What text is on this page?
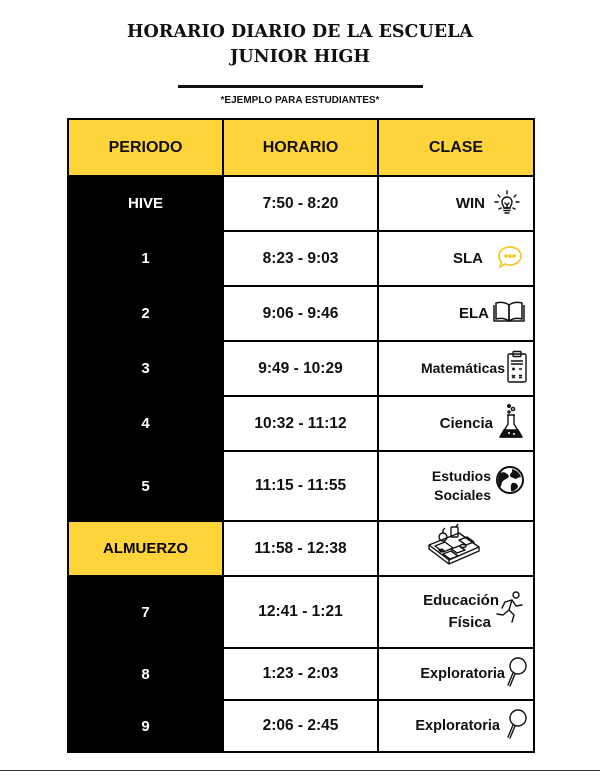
HORARIO DIARIO DE LA ESCUELA
JUNIOR HIGH
*EJEMPLO PARA ESTUDIANTES*
PERIODO	HORARIO	CLASE
HIVE	7:50 - 8:20	WIN

1	8:23 - 9:03	SLA

2	9:06 - 9:46	ELA

3	9:49 - 10:29	Matemáticas

4	10:32 - 11:12	Ciencia

5	11:15 - 11:55	Estudios
Sociales

ALMUERZO	11:58 - 12:38	

7	12:41 - 1:21	Educación
Física

8	1:23 - 2:03	Exploratoria

9	2:06 - 2:45	Exploratoria
